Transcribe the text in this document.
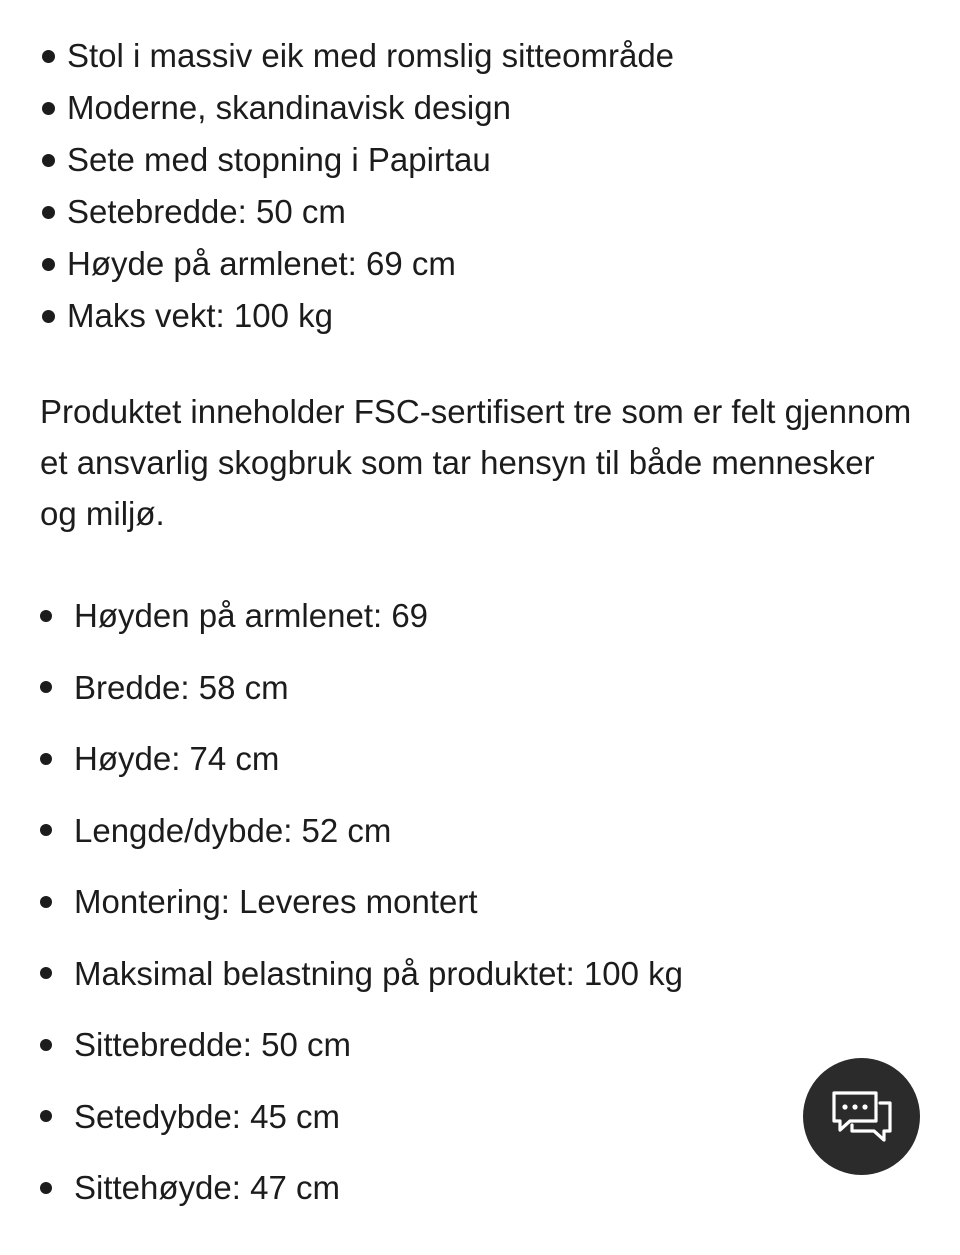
Stol i massiv eik med romslig sitteområde
Moderne, skandinavisk design
Sete med stopning i Papirtau
Setebredde: 50 cm
Høyde på armlenet: 69 cm
Maks vekt: 100 kg

Produktet inneholder FSC-sertifisert tre som er felt gjennom et ansvarlig skogbruk som tar hensyn til både mennesker og miljø.

Høyden på armlenet: 69
Bredde: 58 cm
Høyde: 74 cm
Lengde/dybde: 52 cm
Montering: Leveres montert
Maksimal belastning på produktet: 100 kg
Sittebredde: 50 cm
Setedybde: 45 cm
Sittehøyde: 47 cm
